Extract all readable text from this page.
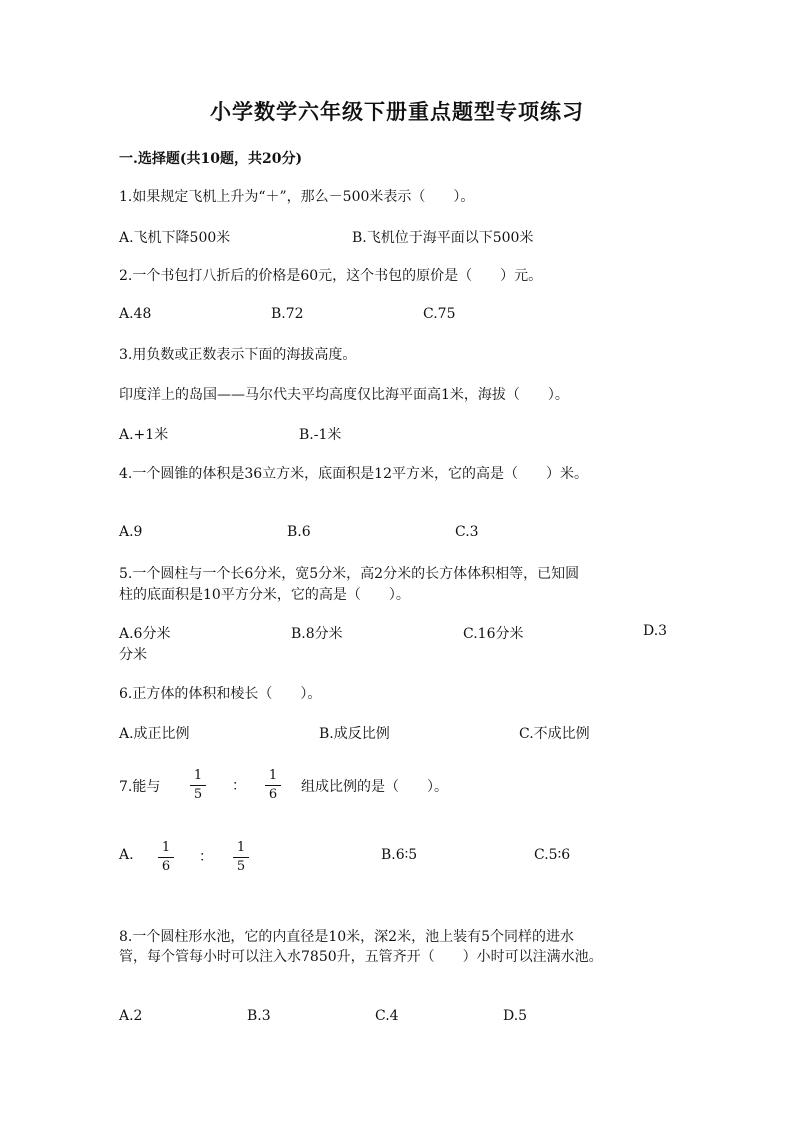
小学数学六年级下册重点题型专项练习
一.选择题(共10题，共20分)
1.如果规定飞机上升为“＋”，那么－500米表示（　　）。
A.飞机下降500米	B.飞机位于海平面以下500米
2.一个书包打八折后的价格是60元，这个书包的原价是（　　）元。
A.48	B.72	C.75
3.用负数或正数表示下面的海拔高度。
印度洋上的岛国——马尔代夫平均高度仅比海平面高1米，海拔（　　）。
A.+1米	B.-1米
4.一个圆锥的体积是36立方米，底面积是12平方米，它的高是（　　）米。
A.9	B.6	C.3
5.一个圆柱与一个长6分米，宽5分米，高2分米的长方体体积相等，已知圆
柱的底面积是10平方分米，它的高是（　　）。
A.6分米	B.8分米	C.16分米	D.3
分米
6.正方体的体积和棱长（　　）。
A.成正比例	B.成反比例	C.不成比例
7.能与
1
5
：
1
6	组成比例的是（　　）。
A.	1
6
：
1
5
B.6∶5	C.5∶6
8.一个圆柱形水池，它的内直径是10米，深2米，池上装有5个同样的进水
管，每个管每小时可以注入水7850升，五管齐开（　　）小时可以注满水池。
A.2	B.3	C.4	D.5
